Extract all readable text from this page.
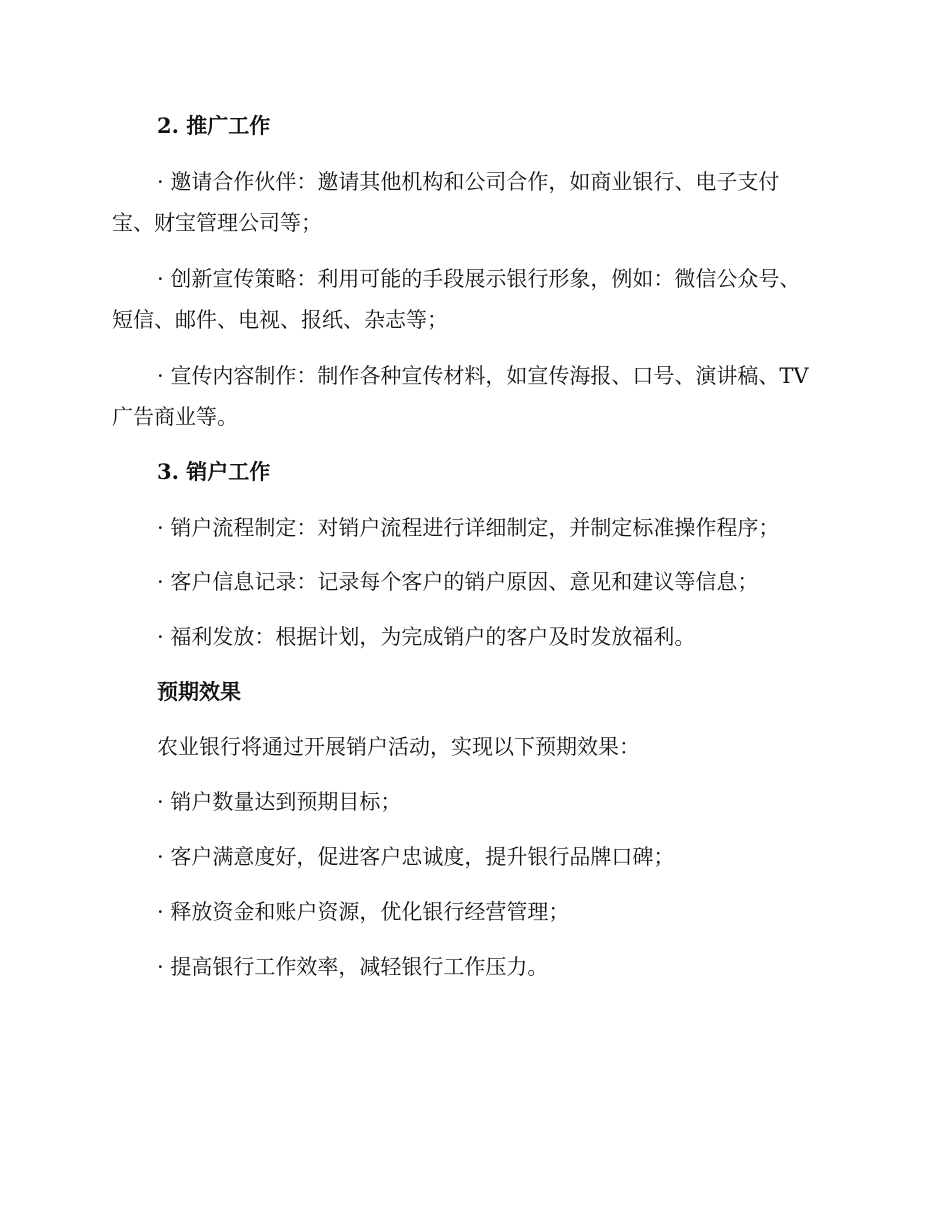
2. 推广工作
· 邀请合作伙伴：邀请其他机构和公司合作，如商业银行、电子支付
宝、财宝管理公司等；
· 创新宣传策略：利用可能的手段展示银行形象，例如：微信公众号、
短信、邮件、电视、报纸、杂志等；
· 宣传内容制作：制作各种宣传材料，如宣传海报、口号、演讲稿、TV
广告商业等。
3. 销户工作
· 销户流程制定：对销户流程进行详细制定，并制定标准操作程序；
· 客户信息记录：记录每个客户的销户原因、意见和建议等信息；
· 福利发放：根据计划，为完成销户的客户及时发放福利。
预期效果
农业银行将通过开展销户活动，实现以下预期效果：
· 销户数量达到预期目标；
· 客户满意度好，促进客户忠诚度，提升银行品牌口碑；
· 释放资金和账户资源，优化银行经营管理；
· 提高银行工作效率，减轻银行工作压力。
